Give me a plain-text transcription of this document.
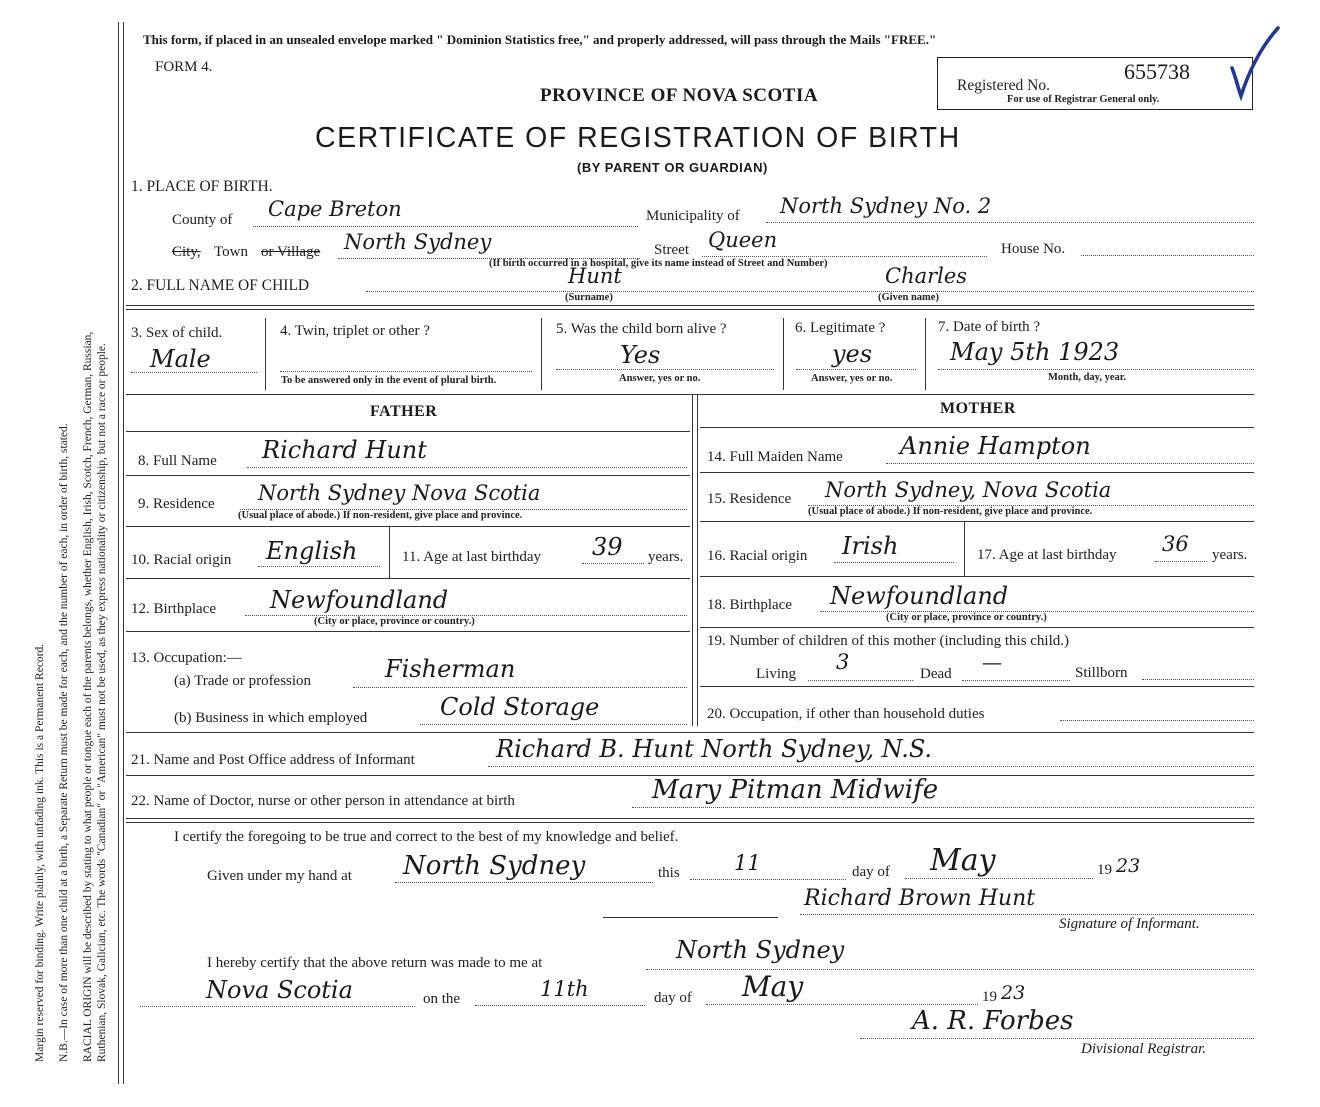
Margin reserved for binding. Write plainly, with unfading ink. This is a Permanent Record. N.B.—In case of more than one child at a birth, a Separate Return must be made for each, and the number of each, in order of birth, stated. RACIAL ORIGIN will be described by stating to what people or tongue each of the parents belongs, whether English, Irish, Scotch, French, German, Russian, Ruthenian, Slovak, Galician, etc. The words "Canadian" or "American" must not be used, as they express nationality or citizenship, but not a race or people.
This form, if placed in an unsealed envelope marked " Dominion Statistics free," and properly addressed, will pass through the Mails "FREE."
FORM 4.
PROVINCE OF NOVA SCOTIA
CERTIFICATE OF REGISTRATION OF BIRTH
(BY PARENT OR GUARDIAN)
Registered No.
655738
For use of Registrar General only.
1. PLACE OF BIRTH.
County of Cape Breton	Municipality of North Sydney No. 2
City, Town or Village North Sydney	Street Queen	House No.
(If birth occurred in a hospital, give its name instead of Street and Number)
2. FULL NAME OF CHILD	Hunt
(Surname)
Charles
(Given name)
3. Sex of child.
Male
4. Twin, triplet or other ?
To be answered only in the event of plural birth.
5. Was the child born alive ?
Yes
Answer, yes or no.
6. Legitimate ?
yes
Answer, yes or no.
7. Date of birth ?
May 5th 1923
Month, day, year.
FATHER	MOTHER
8. Full Name Richard Hunt
9. Residence North Sydney Nova Scotia
(Usual place of abode.) If non-resident, give place and province.
10. Racial origin English	11. Age at last birthday 39 years.
12. Birthplace Newfoundland
(City or place, province or country.)
13. Occupation:—
(a) Trade or profession	Fisherman
(b) Business in which employed	Cold Storage
14. Full Maiden Name Annie Hampton
15. Residence North Sydney, Nova Scotia
(Usual place of abode.) If non-resident, give place and province.
16. Racial origin Irish	17. Age at last birthday 36 years.
18. Birthplace Newfoundland
(City or place, province or country.)
19. Number of children of this mother (including this child.)
Living 3	Dead —	Stillborn
20. Occupation, if other than household duties
21. Name and Post Office address of Informant	Richard B. Hunt North Sydney, N.S.
22. Name of Doctor, nurse or other person in attendance at birth	Mary Pitman Midwife
I certify the foregoing to be true and correct to the best of my knowledge and belief.
Given under my hand at North Sydney	this	11	day of May	19 23
Richard Brown Hunt
Signature of Informant.
I hereby certify that the above return was made to me at	North Sydney
Nova Scotia	on the	11th	day of May	19 23
A. R. Forbes
Divisional Registrar.
